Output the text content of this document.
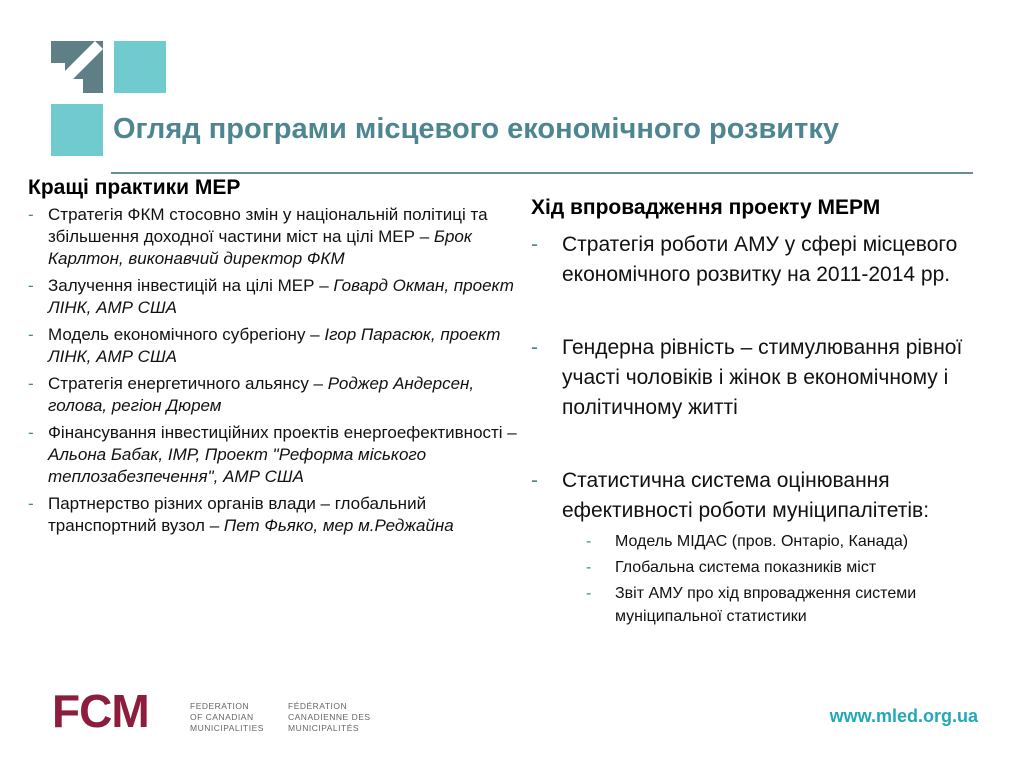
Огляд програми місцевого економічного розвитку
Кращі практики МЕР
- Стратегія ФКМ стосовно змін у національній політиці та збільшення доходної частини міст на цілі МЕР – Брок Карлтон, виконавчий директор ФКМ
- Залучення інвестицій на цілі МЕР – Говард Окман, проект ЛІНК, АМР США
- Модель економічного субрегіону – Ігор Парасюк, проект ЛІНК, АМР США
- Стратегія енергетичного альянсу – Роджер Андерсен, голова, регіон Дюрем
- Фінансування інвестиційних проектів енергоефективності – Альона Бабак, ІМР, Проект "Реформа міського теплозабезпечення", АМР США
- Партнерство різних органів влади – глобальний транспортний вузол – Пет Фьяко, мер м.Реджайна
Хід впровадження проекту МЕРМ
- Стратегія роботи АМУ у сфері місцевого економічного розвитку на 2011-2014 рр.
- Гендерна рівність – стимулювання рівної участі чоловіків і жінок в економічному і політичному житті
- Статистична система оцінювання ефективності роботи муніципалітетів:
- Модель МІДАС (пров. Онтаріо, Канада)
- Глобальна система показників міст
- Звіт АМУ про хід впровадження системи муніципальної статистики
FCM	FEDERATION
OF CANADIAN
MUNICIPALITIES
FÉDÉRATION
CANADIENNE DES
MUNICIPALITÉS
www.mled.org.ua
